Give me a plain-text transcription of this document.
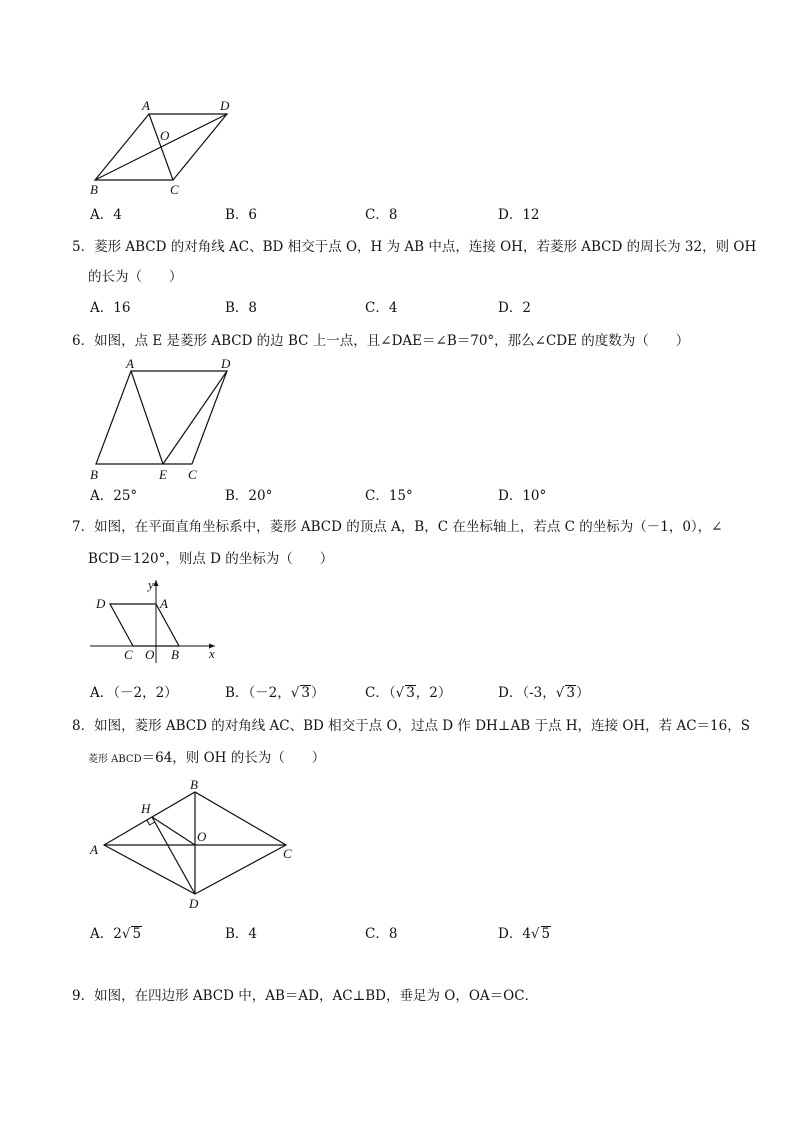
A	D
O
B	C
A．4	B．6	C．8	D．12
5．菱形 ABCD 的对角线 AC、BD 相交于点 O，H 为 AB 中点，连接 OH，若菱形 ABCD 的周长为 32，则 OH
的长为（　　）
A．16	B．8	C．4	D．2
6．如图，点 E 是菱形 ABCD 的边 BC 上一点，且∠DAE＝∠B＝70°，那么∠CDE 的度数为（　　）
A	D
B	E C
A．25°	B．20°	C．15°	D．10°
7．如图，在平面直角坐标系中，菱形 ABCD 的顶点 A，B，C 在坐标轴上，若点 C 的坐标为（－1，0），∠
BCD＝120°，则点 D 的坐标为（　　）
y
x
D	A
C O B
A．（－2，2）	B．（－2，√ 3）	C．（√ 3，2）	D．（-3，√ 3）
8．如图，菱形 ABCD 的对角线 AC、BD 相交于点 O，过点 D 作 DH⊥AB 于点 H，连接 OH，若 AC＝16，S
菱形 ABCD＝64，则 OH 的长为（　　）
B
H
O
A	C
D
A．2√ 5	B．4	C．8	D．4√ 5
9．如图，在四边形 ABCD 中，AB＝AD，AC⊥BD，垂足为 O，OA＝OC．
